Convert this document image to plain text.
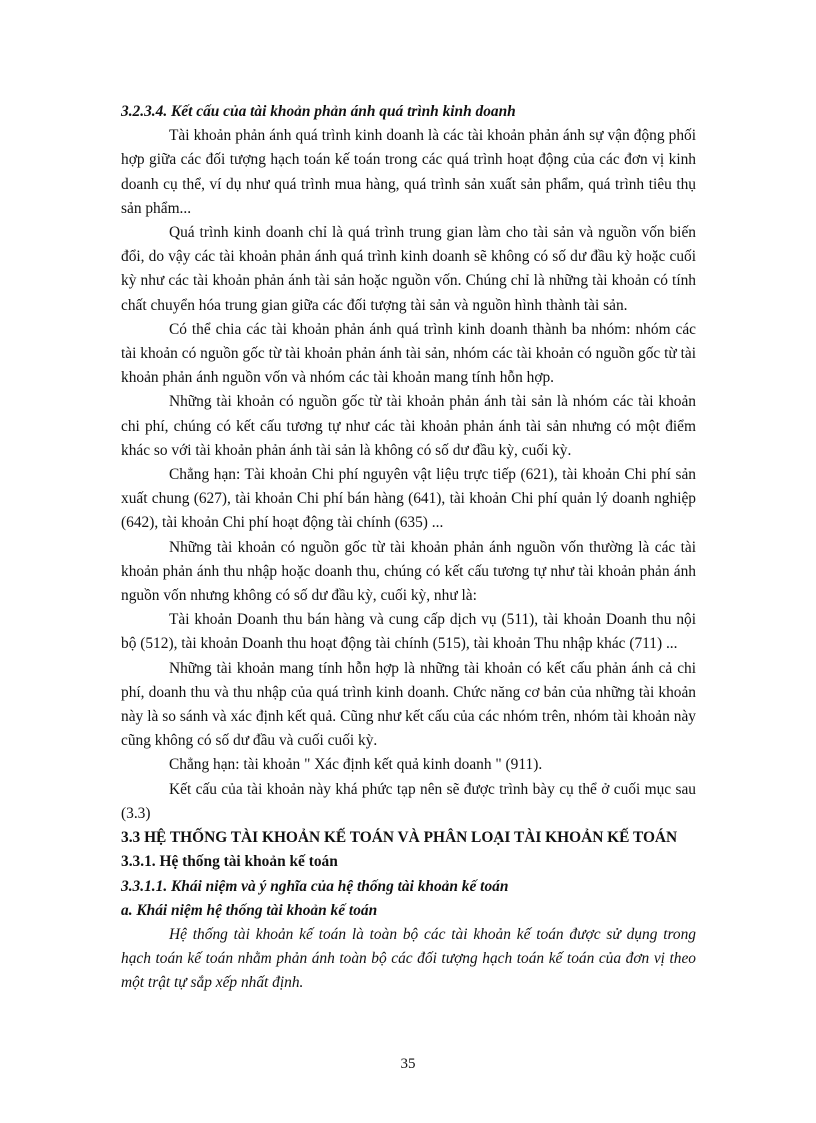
3.2.3.4. Kết cấu của tài khoản phản ánh quá trình kinh doanh

Tài khoản phản ánh quá trình kinh doanh là các tài khoản phản ánh sự vận động phối hợp giữa các đối tượng hạch toán kế toán trong các quá trình hoạt động của các đơn vị kinh doanh cụ thể, ví dụ như quá trình mua hàng, quá trình sản xuất sản phẩm, quá trình tiêu thụ sản phẩm...

Quá trình kinh doanh chỉ là quá trình trung gian làm cho tài sản và nguồn vốn biến đổi, do vậy các tài khoản phản ánh quá trình kinh doanh sẽ không có số dư đầu kỳ hoặc cuối kỳ như các tài khoản phản ánh tài sản hoặc nguồn vốn. Chúng chỉ là những tài khoản có tính chất chuyển hóa trung gian giữa các đối tượng tài sản và nguồn hình thành tài sản.

Có thể chia các tài khoản phản ánh quá trình kinh doanh thành ba nhóm: nhóm các tài khoản có nguồn gốc từ tài khoản phản ánh tài sản, nhóm các tài khoản có nguồn gốc từ tài khoản phản ánh nguồn vốn và nhóm các tài khoản mang tính hỗn hợp.

Những tài khoản có nguồn gốc từ tài khoản phản ánh tài sản là nhóm các tài khoản chi phí, chúng có kết cấu tương tự như các tài khoản phản ánh tài sản nhưng có một điểm khác so với tài khoản phản ánh tài sản là không có số dư đầu kỳ, cuối kỳ.

Chẳng hạn: Tài khoản Chi phí nguyên vật liệu trực tiếp (621), tài khoản Chi phí sản xuất chung (627), tài khoản Chi phí bán hàng (641), tài khoản Chi phí quản lý doanh nghiệp (642), tài khoản Chi phí hoạt động tài chính (635) ...

Những tài khoản có nguồn gốc từ tài khoản phản ánh nguồn vốn thường là các tài khoản phản ánh thu nhập hoặc doanh thu, chúng có kết cấu tương tự như tài khoản phản ánh nguồn vốn nhưng không có số dư đầu kỳ, cuối kỳ, như là:

Tài khoản Doanh thu bán hàng và cung cấp dịch vụ (511), tài khoản Doanh thu nội bộ (512), tài khoản Doanh thu hoạt động tài chính (515), tài khoản Thu nhập khác (711) ...

Những tài khoản mang tính hỗn hợp là những tài khoản có kết cấu phản ánh cả chi phí, doanh thu và thu nhập của quá trình kinh doanh. Chức năng cơ bản của những tài khoản này là so sánh và xác định kết quả. Cũng như kết cấu của các nhóm trên, nhóm tài khoản này cũng không có số dư đầu và cuối cuối kỳ.

Chẳng hạn: tài khoản " Xác định kết quả kinh doanh " (911).

Kết cấu của tài khoản này khá phức tạp nên sẽ được trình bày cụ thể ở cuối mục sau (3.3)

3.3 HỆ THỐNG TÀI KHOẢN KẾ TOÁN VÀ PHÂN LOẠI TÀI KHOẢN KẾ TOÁN

3.3.1. Hệ thống tài khoản kế toán

3.3.1.1. Khái niệm và ý nghĩa của hệ thống tài khoản kế toán

a. Khái niệm hệ thống tài khoản kế toán

Hệ thống tài khoản kế toán là toàn bộ các tài khoản kế toán được sử dụng trong hạch toán kế toán nhằm phản ánh toàn bộ các đối tượng hạch toán kế toán của đơn vị theo một trật tự sắp xếp nhất định.

35
